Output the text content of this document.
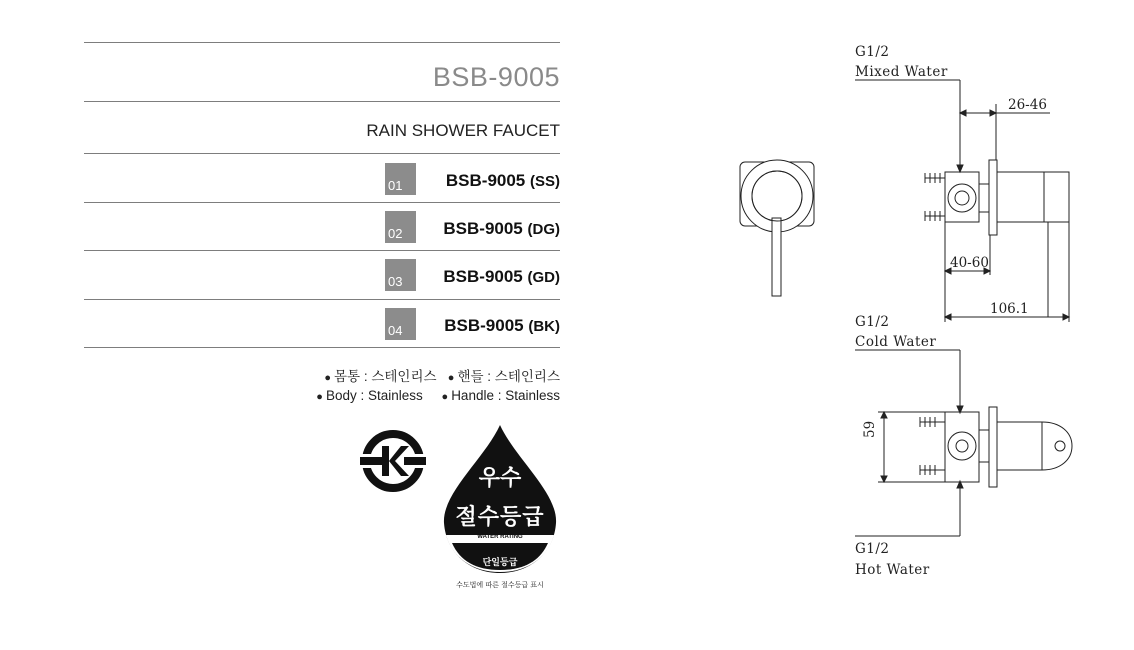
BSB-9005
RAIN SHOWER FAUCET
01	BSB-9005 (SS)
02 BSB-9005 (DG)
03 BSB-9005 (GD)
04 BSB-9005 (BK)
● 몸통 : 스테인리스 ● 핸들 : 스테인리스
● Body : Stainless ● Handle : Stainless
우수
절수등급
WATER RATING
단일등급
수도법에 따른 절수등급 표시
G1/2
Mixed Water
26-46
40-60
106.1
G1/2
Cold Water
59
G1/2
Hot Water
